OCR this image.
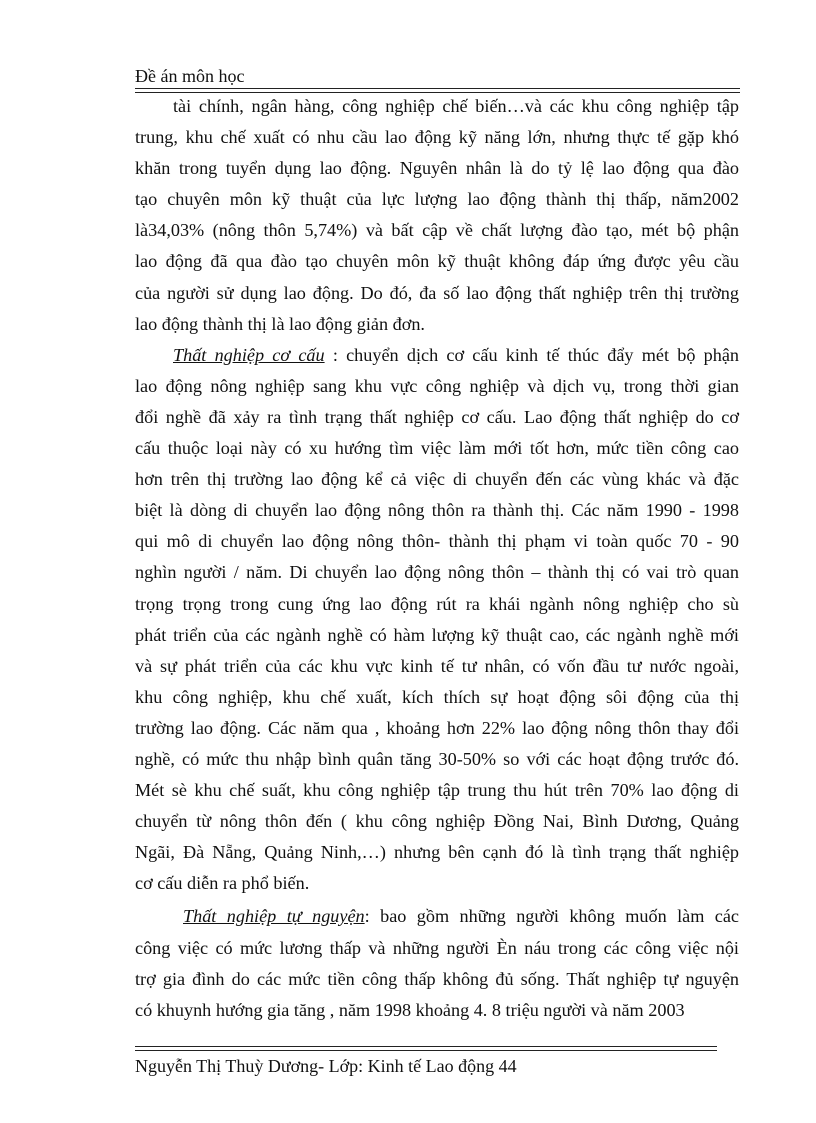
Đề án môn học
tài chính, ngân hàng, công nghiệp chế biến…và các khu công nghiệp tập
trung, khu chế xuất có nhu cầu lao động kỹ năng lớn, nhưng thực tế gặp khó
khăn trong tuyển dụng lao động. Nguyên nhân là do tỷ lệ lao động qua đào
tạo chuyên môn kỹ thuật của lực lượng lao động thành thị thấp, năm2002
là34,03% (nông thôn 5,74%) và bất cập về chất lượng đào tạo, mét bộ phận
lao động đã qua đào tạo chuyên môn kỹ thuật không đáp ứng được yêu cầu
của người sử dụng lao động. Do đó, đa số lao động thất nghiệp trên thị trường
lao động thành thị là lao động giản đơn.
Thất nghiệp cơ cấu : chuyển dịch cơ cấu kinh tế thúc đẩy mét bộ phận
lao động nông nghiệp sang khu vực công nghiệp và dịch vụ, trong thời gian
đổi nghề đã xảy ra tình trạng thất nghiệp cơ cấu. Lao động thất nghiệp do cơ
cấu thuộc loại này có xu hướng tìm việc làm mới tốt hơn, mức tiền công cao
hơn trên thị trường lao động kể cả việc di chuyển đến các vùng khác và đặc
biệt là dòng di chuyển lao động nông thôn ra thành thị. Các năm 1990 - 1998
qui mô di chuyển lao động nông thôn- thành thị phạm vi toàn quốc 70 - 90
nghìn người / năm. Di chuyển lao động nông thôn – thành thị có vai trò quan
trọng trọng trong cung ứng lao động rút ra khái ngành nông nghiệp cho sù
phát triển của các ngành nghề có hàm lượng kỹ thuật cao, các ngành nghề mới
và sự phát triển của các khu vực kinh tế tư nhân, có vốn đầu tư nước ngoài,
khu công nghiệp, khu chế xuất, kích thích sự hoạt động sôi động của thị
trường lao động. Các năm qua , khoảng hơn 22% lao động nông thôn thay đổi
nghề, có mức thu nhập bình quân tăng 30-50% so với các hoạt động trước đó.
Mét sè khu chế suất, khu công nghiệp tập trung thu hút trên 70% lao động di
chuyển từ nông thôn đến ( khu công nghiệp Đồng Nai, Bình Dương, Quảng
Ngãi, Đà Nẵng, Quảng Ninh,…) nhưng bên cạnh đó là tình trạng thất nghiệp
cơ cấu diễn ra phổ biến.
Thất nghiệp tự nguyện: bao gồm những người không muốn làm các
công việc có mức lương thấp và những người Èn náu trong các công việc nội
trợ gia đình do các mức tiền công thấp không đủ sống. Thất nghiệp tự nguyện
có khuynh hướng gia tăng , năm 1998 khoảng 4. 8 triệu người và năm 2003
Nguyễn Thị Thuỳ Dương- Lớp: Kinh tế Lao động 44
